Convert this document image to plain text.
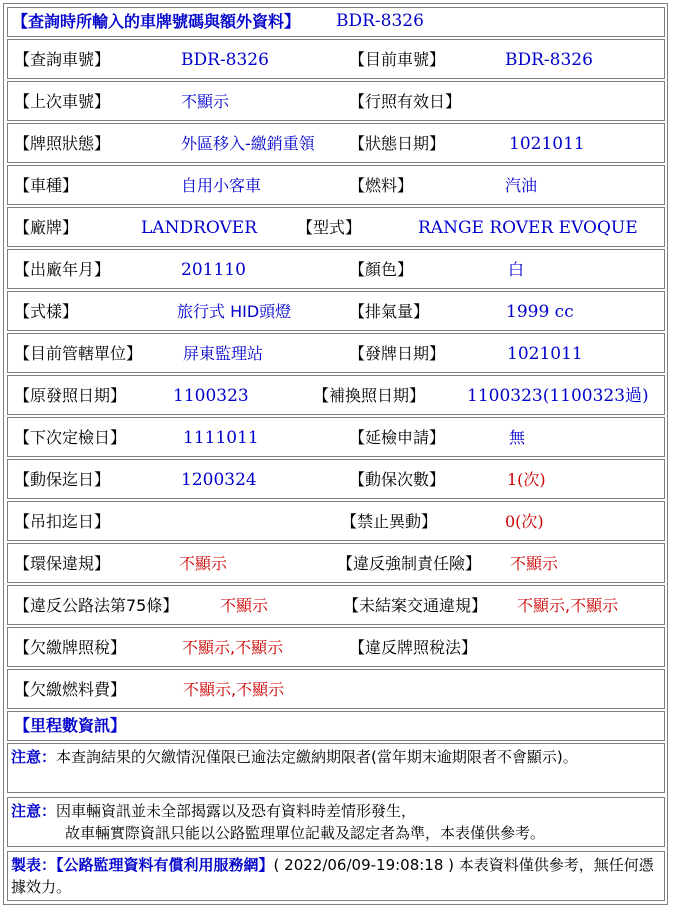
【查詢時所輸入的車牌號碼與額外資料】 BDR-8326
【查詢車號】	BDR-8326	【目前車號】	BDR-8326
【上次車號】	不顯示	【行照有效日】
【牌照狀態】	外區移入-繳銷重領 【狀態日期】	1021011
【車種】	自用小客車	【燃料】	汽油
【廠牌】	LANDROVER	【型式】	RANGE ROVER EVOQUE
【出廠年月】	201110	【顏色】	白
【式樣】	旅行式 HID頭燈	【排氣量】	1999 cc
【目前管轄單位】	屏東監理站	【發牌日期】	1021011
【原發照日期】	1100323	【補換照日期】 1100323(1100323過)
【下次定檢日】	1111011	【延檢申請】	無
【動保迄日】	1200324	【動保次數】	1(次)
【吊扣迄日】	【禁止異動】	0(次)
【環保違規】	不顯示	【違反強制責任險】 不顯示
【違反公路法第75條】	不顯示	【未結案交通違規】 不顯示,不顯示
【欠繳牌照稅】	不顯示,不顯示	【違反牌照稅法】
【欠繳燃料費】	不顯示,不顯示
【里程數資訊】
注意：本查詢結果的欠繳情況僅限已逾法定繳納期限者(當年期末逾期限者不會顯示)。
注意：因車輛資訊並未全部揭露以及恐有資料時差情形發生，
故車輛實際資訊只能以公路監理單位記載及認定者為準，本表僅供參考。
製表：【公路監理資料有償利用服務網】( 2022/06/09-19:08:18 ) 本表資料僅供參考，無任何憑據效力。
